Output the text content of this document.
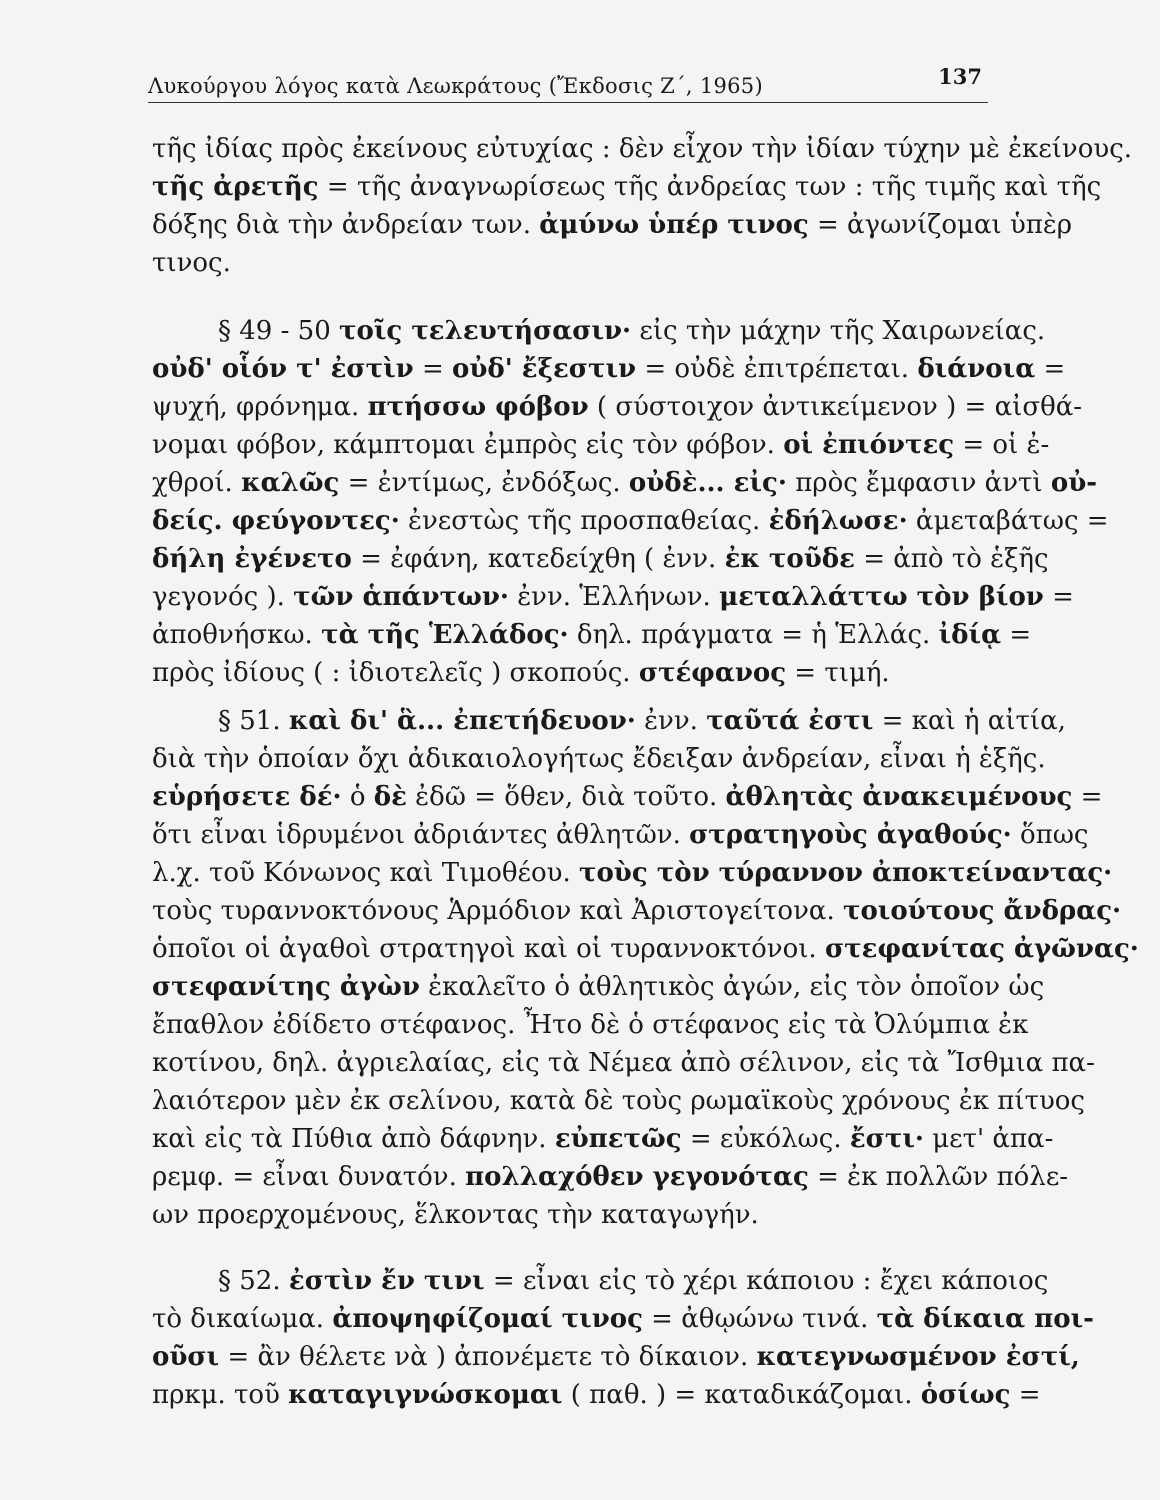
Λυκούργου λόγος κατὰ Λεωκράτους (Ἔκδοσις Ζ΄, 1965)	137
τῆς ἰδίας πρὸς ἐκείνους εὐτυχίας : δὲν εἶχον τὴν ἰδίαν τύχην μὲ ἐκείνους.
τῆς ἀρετῆς = τῆς ἀναγνωρίσεως τῆς ἀνδρείας των : τῆς τιμῆς καὶ τῆς
δόξης διὰ τὴν ἀνδρείαν των. ἀμύνω ὑπέρ τινος = ἀγωνίζομαι ὑπὲρ
τινος.
§ 49 - 50 τοῖς τελευτήσασιν· εἰς τὴν μάχην τῆς Χαιρωνείας.
οὐδ' οἷόν τ' ἐστὶν = οὐδ' ἔξεστιν = οὐδὲ ἐπιτρέπεται. διάνοια =
ψυχή, φρόνημα. πτήσσω φόβον ( σύστοιχον ἀντικείμενον ) = αἰσθά-
νομαι φόβον, κάμπτομαι ἐμπρὸς εἰς τὸν φόβον. οἱ ἐπιόντες = οἱ ἐ-
χθροί. καλῶς = ἐντίμως, ἐνδόξως. οὐδὲ... εἰς· πρὸς ἔμφασιν ἀντὶ οὐ-
δείς. φεύγοντες· ἐνεστὼς τῆς προσπαθείας. ἐδήλωσε· ἀμεταβάτως =
δήλη ἐγένετο = ἐφάνη, κατεδείχθη ( ἐνν. ἐκ τοῦδε = ἀπὸ τὸ ἑξῆς
γεγονός ). τῶν ἁπάντων· ἐνν. Ἑλλήνων. μεταλλάττω τὸν βίον =
ἀποθνήσκω. τὰ τῆς Ἑλλάδος· δηλ. πράγματα = ἡ Ἑλλάς. ἰδίᾳ =
πρὸς ἰδίους ( : ἰδιοτελεῖς ) σκοπούς. στέφανος = τιμή.
§ 51. καὶ δι' ἃ... ἐπετήδευον· ἐνν. ταῦτά ἐστι = καὶ ἡ αἰτία,
διὰ τὴν ὁποίαν ὄχι ἀδικαιολογήτως ἔδειξαν ἀνδρείαν, εἶναι ἡ ἑξῆς.
εὑρήσετε δέ· ὁ δὲ ἐδῶ = ὅθεν, διὰ τοῦτο. ἀθλητὰς ἀνακειμένους =
ὅτι εἶναι ἱδρυμένοι ἀδριάντες ἀθλητῶν. στρατηγοὺς ἀγαθούς· ὅπως
λ.χ. τοῦ Κόνωνος καὶ Τιμοθέου. τοὺς τὸν τύραννον ἀποκτείναντας·
τοὺς τυραννοκτόνους Ἁρμόδιον καὶ Ἀριστογείτονα. τοιούτους ἄνδρας·
ὁποῖοι οἱ ἀγαθοὶ στρατηγοὶ καὶ οἱ τυραννοκτόνοι. στεφανίτας ἀγῶνας·
στεφανίτης ἀγὼν ἐκαλεῖτο ὁ ἀθλητικὸς ἀγών, εἰς τὸν ὁποῖον ὡς
ἔπαθλον ἐδίδετο στέφανος. Ἦτο δὲ ὁ στέφανος εἰς τὰ Ὀλύμπια ἐκ
κοτίνου, δηλ. ἀγριελαίας, εἰς τὰ Νέμεα ἀπὸ σέλινον, εἰς τὰ Ἴσθμια πα-
λαιότερον μὲν ἐκ σελίνου, κατὰ δὲ τοὺς ρωμαϊκοὺς χρόνους ἐκ πίτυος
καὶ εἰς τὰ Πύθια ἀπὸ δάφνην. εὐπετῶς = εὐκόλως. ἔστι· μετ' ἀπα-
ρεμφ. = εἶναι δυνατόν. πολλαχόθεν γεγονότας = ἐκ πολλῶν πόλε-
ων προερχομένους, ἕλκοντας τὴν καταγωγήν.
§ 52. ἐστὶν ἔν τινι = εἶναι εἰς τὸ χέρι κάποιου : ἔχει κάποιος
τὸ δικαίωμα. ἀποψηφίζομαί τινος = ἀθῳώνω τινά. τὰ δίκαια ποι-
οῦσι = ἂν θέλετε νὰ ) ἀπονέμετε τὸ δίκαιον. κατεγνωσμένον ἐστί,
πρκμ. τοῦ καταγιγνώσκομαι ( παθ. ) = καταδικάζομαι. ὁσίως =
